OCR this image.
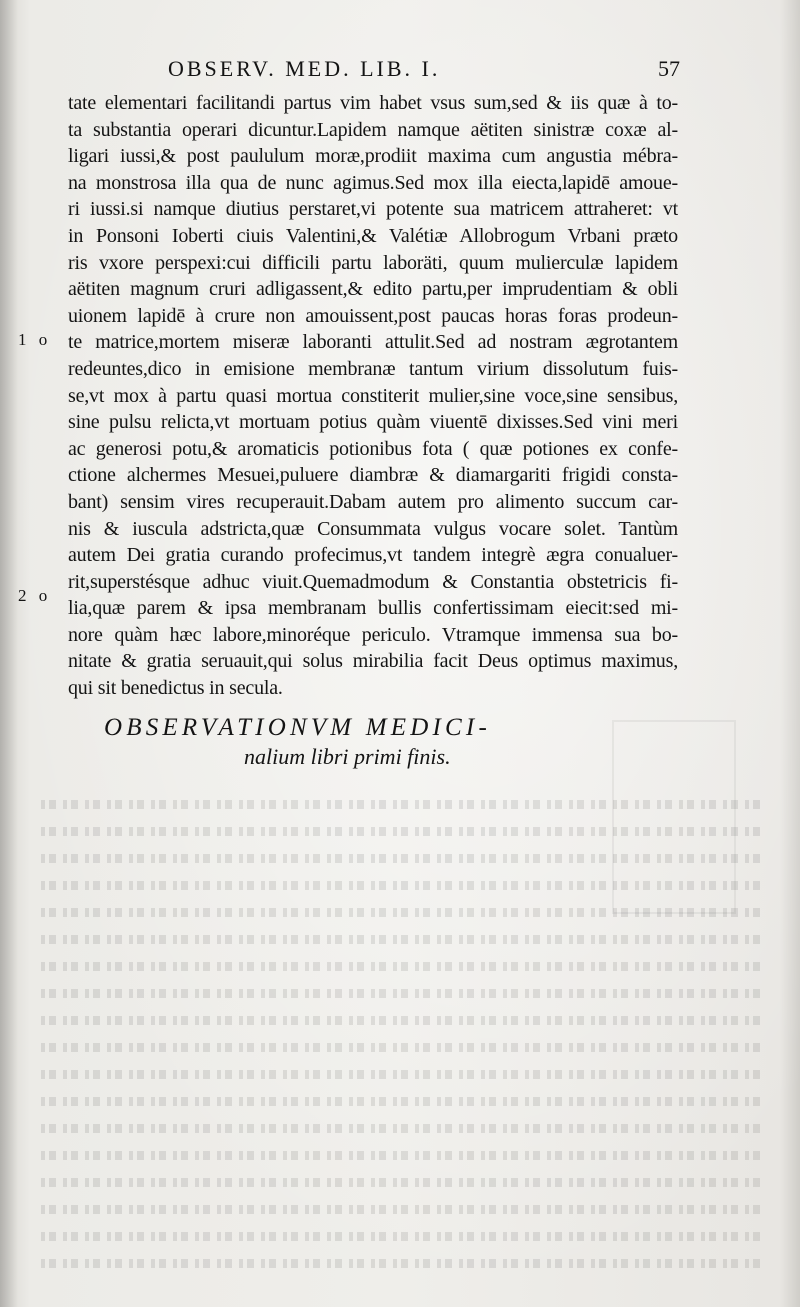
OBSERV. MED. LIB. I.	57
1 o
2 o
tate elementari facilitandi partus vim habet vsus sum,sed & iis quæ à to-
ta substantia operari dicuntur.Lapidem namque aëtiten sinistræ coxæ al-
ligari iussi,& post paululum moræ,prodiit maxima cum angustia mébra-
na monstrosa illa qua de nunc agimus.Sed mox illa eiecta,lapidē amoue-
ri iussi.si namque diutius perstaret,vi potente sua matricem attraheret: vt
in Ponsoni Ioberti ciuis Valentini,& Valétiæ Allobrogum Vrbani præto
ris vxore perspexi:cui difficili partu laboräti, quum mulierculæ lapidem
aëtiten magnum cruri adligassent,& edito partu,per imprudentiam & obli
uionem lapidē à crure non amouissent,post paucas horas foras prodeun-
te matrice,mortem miseræ laboranti attulit.Sed ad nostram ægrotantem
redeuntes,dico in emisione membranæ tantum virium dissolutum fuis-
se,vt mox à partu quasi mortua constiterit mulier,sine voce,sine sensibus,
sine pulsu relicta,vt mortuam potius quàm viuentē dixisses.Sed vini meri
ac generosi potu,& aromaticis potionibus fota ( quæ potiones ex confe-
ctione alchermes Mesuei,puluere diambræ & diamargariti frigidi consta-
bant) sensim vires recuperauit.Dabam autem pro alimento succum car-
nis & iuscula adstricta,quæ Consummata vulgus vocare solet. Tantùm
autem Dei gratia curando profecimus,vt tandem integrè ægra conualuer-
rit,superstésque adhuc viuit.Quemadmodum & Constantia obstetricis fi-
lia,quæ parem & ipsa membranam bullis confertissimam eiecit:sed mi-
nore quàm hæc labore,minoréque periculo. Vtramque immensa sua bo-
nitate & gratia seruauit,qui solus mirabilia facit Deus optimus maximus,
qui sit benedictus in secula.
OBSERVATIONVM MEDICI-
nalium libri primi finis.
